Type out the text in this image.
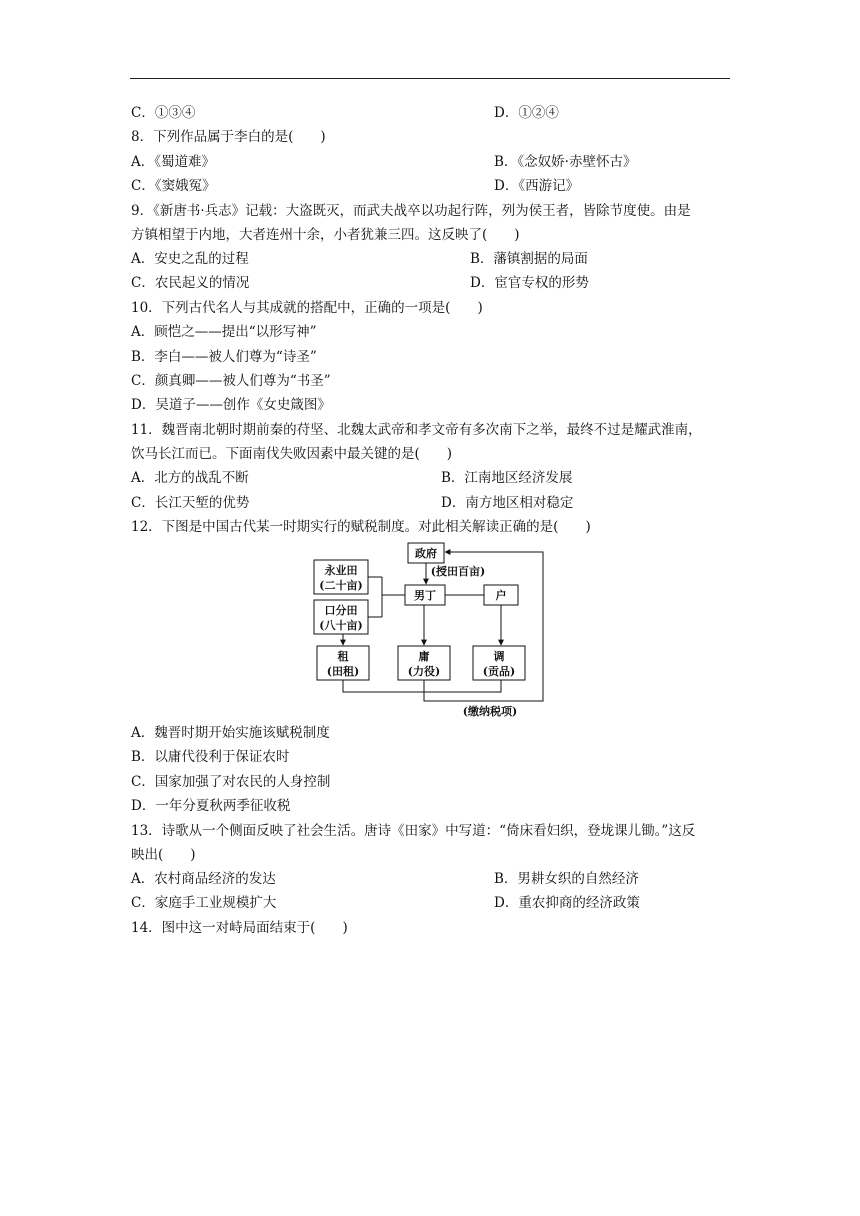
C．①③④	D．①②④
8．下列作品属于李白的是(　　)
A．《蜀道难》	B．《念奴娇·赤壁怀古》
C．《窦娥冤》	D．《西游记》
9．《新唐书·兵志》记载：大盗既灭，而武夫战卒以功起行阵，列为侯王者，皆除节度使。由是
方镇相望于内地，大者连州十余，小者犹兼三四。这反映了(　　)
A．安史之乱的过程	B．藩镇割据的局面
C．农民起义的情况	D．宦官专权的形势
10．下列古代名人与其成就的搭配中，正确的一项是(　　)
A．顾恺之——提出“以形写神”
B．李白——被人们尊为“诗圣”
C．颜真卿——被人们尊为“书圣”
D．吴道子——创作《女史箴图》
11．魏晋南北朝时期前秦的苻坚、北魏太武帝和孝文帝有多次南下之举，最终不过是耀武淮南，
饮马长江而已。下面南伐失败因素中最关键的是(　　)
A．北方的战乱不断	B．江南地区经济发展
C．长江天堑的优势	D．南方地区相对稳定
12．下图是中国古代某一时期实行的赋税制度。对此相关解读正确的是(　　)
政府
(授田百亩)
永业田
(二十亩)
口分田
(八十亩)
男丁	户
租
(田租)
庸
(力役)
调
(贡品)
(缴纳税项)
A．魏晋时期开始实施该赋税制度
B．以庸代役利于保证农时
C．国家加强了对农民的人身控制
D．一年分夏秋两季征收税
13．诗歌从一个侧面反映了社会生活。唐诗《田家》中写道：“倚床看妇织，登垅课儿锄。”这反
映出(　　)
A．农村商品经济的发达	B．男耕女织的自然经济
C．家庭手工业规模扩大	D．重农抑商的经济政策
14．图中这一对峙局面结束于(　　)
